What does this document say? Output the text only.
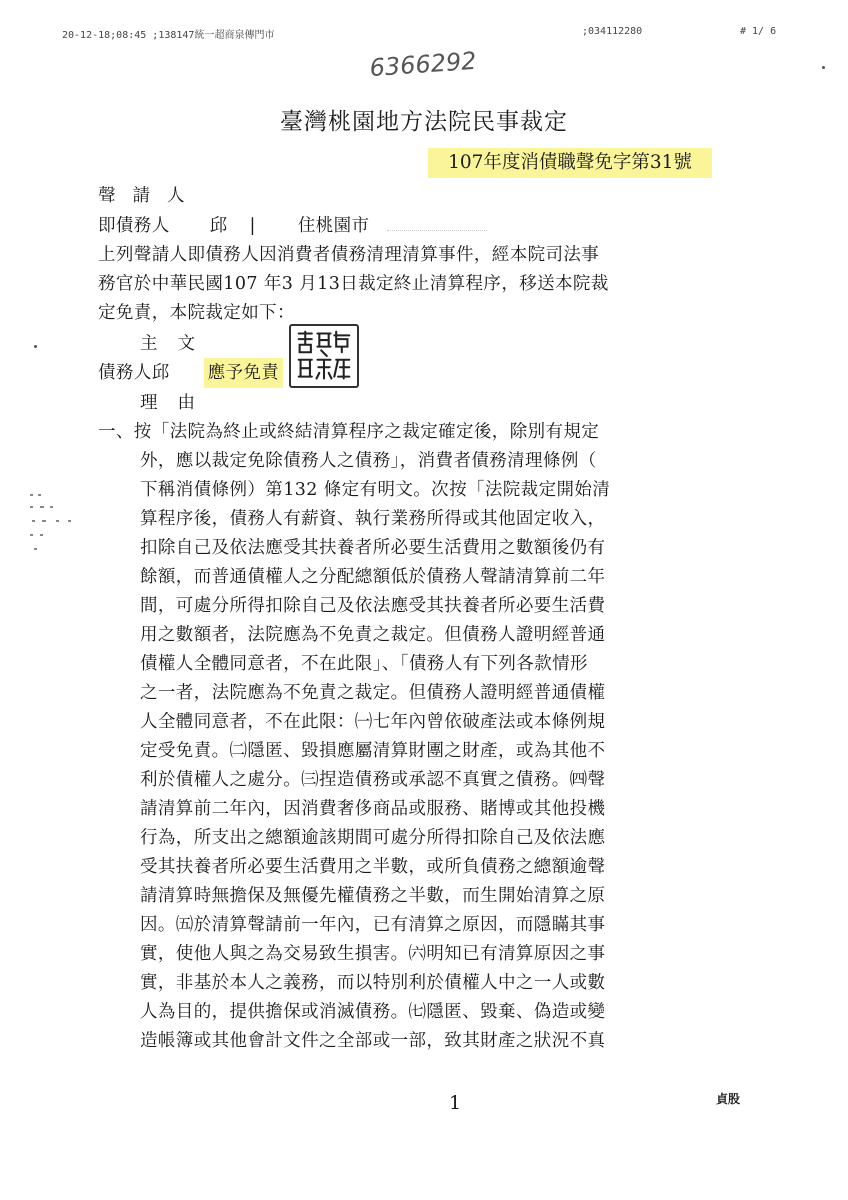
20-12-18;08:45 ;138147統一超商泉傳門市	;034112280	# 1/ 6
6366292
臺灣桃園地方法院民事裁定
107年度消債職聲免字第31號
聲請人
即債務人 邱 | 住桃園市
上列聲請人即債務人因消費者債務清理清算事件，經本院司法事
務官於中華民國107 年3 月13日裁定終止清算程序，移送本院裁
定免責，本院裁定如下：
主文
債務人邱 應予免責
理由
一、按「法院為終止或終結清算程序之裁定確定後，除別有規定
外，應以裁定免除債務人之債務」，消費者債務清理條例（
下稱消債條例）第132 條定有明文。次按「法院裁定開始清
算程序後，債務人有薪資、執行業務所得或其他固定收入，
扣除自己及依法應受其扶養者所必要生活費用之數額後仍有
餘額，而普通債權人之分配總額低於債務人聲請清算前二年
間，可處分所得扣除自己及依法應受其扶養者所必要生活費
用之數額者，法院應為不免責之裁定。但債務人證明經普通
債權人全體同意者，不在此限」、「債務人有下列各款情形
之一者，法院應為不免責之裁定。但債務人證明經普通債權
人全體同意者，不在此限：㈠七年內曾依破產法或本條例規
定受免責。㈡隱匿、毀損應屬清算財團之財產，或為其他不
利於債權人之處分。㈢捏造債務或承認不真實之債務。㈣聲
請清算前二年內，因消費奢侈商品或服務、賭博或其他投機
行為，所支出之總額逾該期間可處分所得扣除自己及依法應
受其扶養者所必要生活費用之半數，或所負債務之總額逾聲
請清算時無擔保及無優先權債務之半數，而生開始清算之原
因。㈤於清算聲請前一年內，已有清算之原因，而隱瞞其事
實，使他人與之為交易致生損害。㈥明知已有清算原因之事
實，非基於本人之義務，而以特別利於債權人中之一人或數
人為目的，提供擔保或消滅債務。㈦隱匿、毀棄、偽造或變
造帳簿或其他會計文件之全部或一部，致其財產之狀況不真
1	貞股
